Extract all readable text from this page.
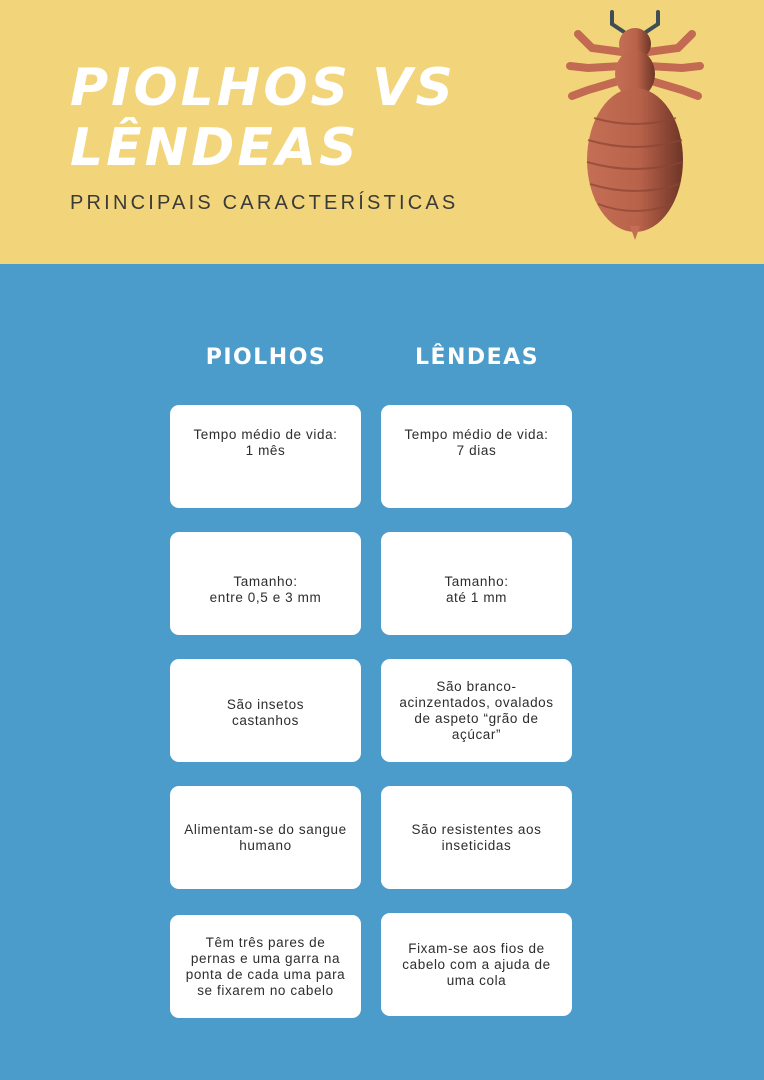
PIOLHOS VS
LÊNDEAS
PRINCIPAIS CARACTERÍSTICAS
PIOLHOS	LÊNDEAS
Tempo médio de vida:
1 mês
Tempo médio de vida:
7 dias
Tamanho:
entre 0,5 e 3 mm
Tamanho:
até 1 mm
São insetos
castanhos
São branco-
acinzentados, ovalados
de aspeto “grão de
açúcar”
Alimentam-se do sangue
humano
São resistentes aos
inseticidas
Têm três pares de
pernas e uma garra na
ponta de cada uma para
se fixarem no cabelo
Fixam-se aos fios de
cabelo com a ajuda de
uma cola
